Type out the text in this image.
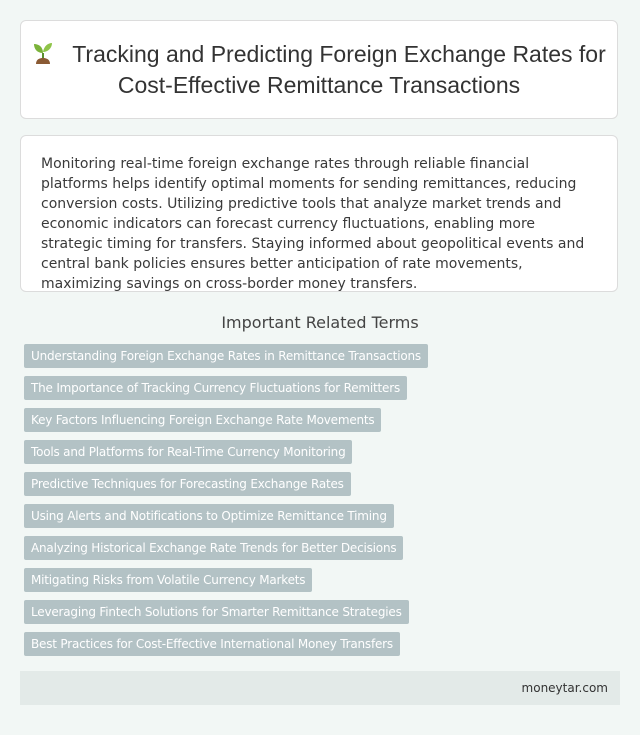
Tracking and Predicting Foreign Exchange Rates for Cost-Effective Remittance Transactions

Monitoring real-time foreign exchange rates through reliable financial platforms helps identify optimal moments for sending remittances, reducing conversion costs. Utilizing predictive tools that analyze market trends and economic indicators can forecast currency fluctuations, enabling more strategic timing for transfers. Staying informed about geopolitical events and central bank policies ensures better anticipation of rate movements, maximizing savings on cross-border money transfers.

Important Related Terms
Understanding Foreign Exchange Rates in Remittance Transactions
The Importance of Tracking Currency Fluctuations for Remitters
Key Factors Influencing Foreign Exchange Rate Movements
Tools and Platforms for Real-Time Currency Monitoring
Predictive Techniques for Forecasting Exchange Rates
Using Alerts and Notifications to Optimize Remittance Timing
Analyzing Historical Exchange Rate Trends for Better Decisions
Mitigating Risks from Volatile Currency Markets
Leveraging Fintech Solutions for Smarter Remittance Strategies
Best Practices for Cost-Effective International Money Transfers
moneytar.com
